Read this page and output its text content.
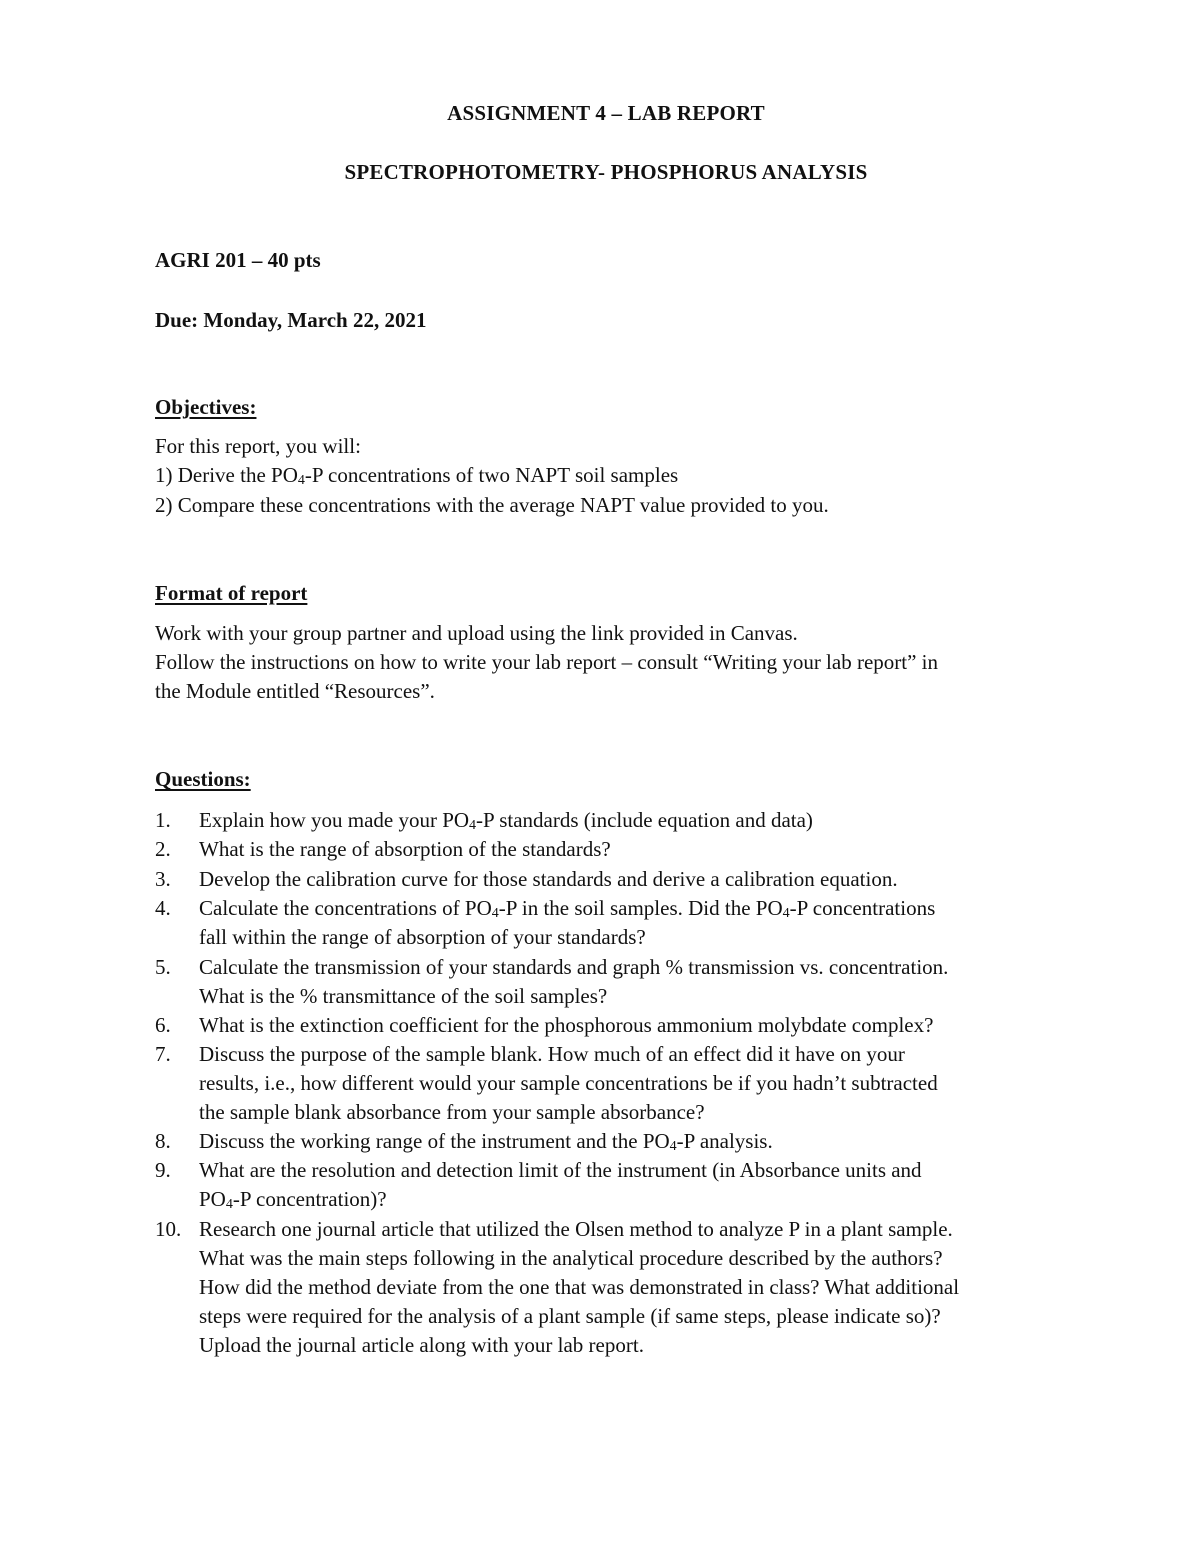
ASSIGNMENT 4 – LAB REPORT
SPECTROPHOTOMETRY- PHOSPHORUS ANALYSIS
AGRI 201 – 40 pts
Due: Monday, March 22, 2021
Objectives:
For this report, you will:
1) Derive the PO4-P concentrations of two NAPT soil samples
2) Compare these concentrations with the average NAPT value provided to you.
Format of report
Work with your group partner and upload using the link provided in Canvas.
Follow the instructions on how to write your lab report – consult “Writing your lab report” in
the Module entitled “Resources”.
Questions:
1. Explain how you made your PO4-P standards (include equation and data)
2. What is the range of absorption of the standards?
3. Develop the calibration curve for those standards and derive a calibration equation.
4. Calculate the concentrations of PO4-P in the soil samples. Did the PO4-P concentrations
fall within the range of absorption of your standards?
5. Calculate the transmission of your standards and graph % transmission vs. concentration.
What is the % transmittance of the soil samples?
6. What is the extinction coefficient for the phosphorous ammonium molybdate complex?
7. Discuss the purpose of the sample blank. How much of an effect did it have on your
results, i.e., how different would your sample concentrations be if you hadn’t subtracted
the sample blank absorbance from your sample absorbance?
8. Discuss the working range of the instrument and the PO4-P analysis.
9. What are the resolution and detection limit of the instrument (in Absorbance units and
PO4-P concentration)?
10. Research one journal article that utilized the Olsen method to analyze P in a plant sample.
What was the main steps following in the analytical procedure described by the authors?
How did the method deviate from the one that was demonstrated in class? What additional
steps were required for the analysis of a plant sample (if same steps, please indicate so)?
Upload the journal article along with your lab report.
